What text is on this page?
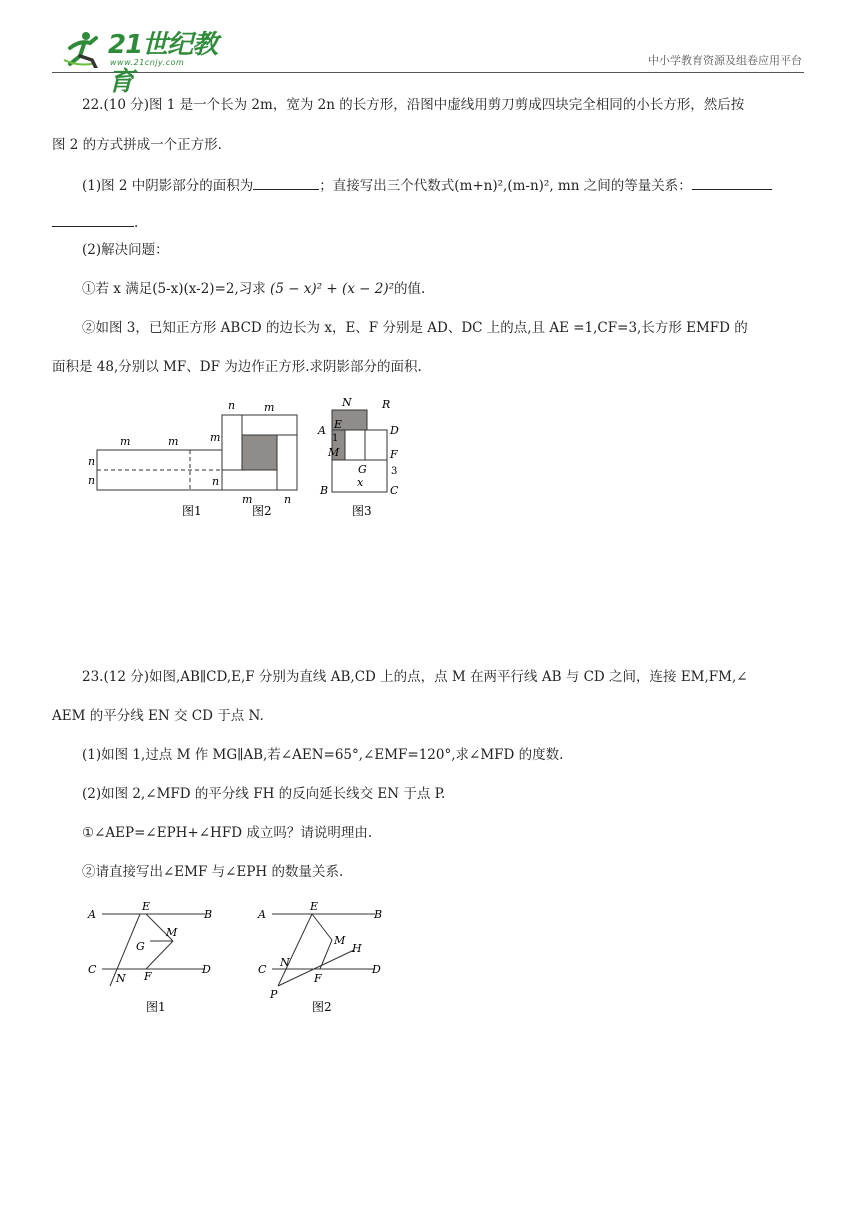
21世纪教育
www.21cnjy.com	中小学教育资源及组卷应用平台
22.(10 分)图 1 是一个长为 2m，宽为 2n 的长方形，沿图中虚线用剪刀剪成四块完全相同的小长方形，然后按
图 2 的方式拼成一个正方形.
(1)图 2 中阴影部分的面积为	；直接写出三个代数式(m+n)²,(m-n)², mn 之间的等量关系：
.
(2)解决问题：
①若 x 满足(5-x)(x-2)=2,习求 (5 − x)² + (x − 2)²的值.
②如图 3，已知正方形 ABCD 的边长为 x，E、F 分别是 AD、DC 上的点,且 AE =1,CF=3,长方形 EMFD 的
面积是 48,分别以 MF、DF 为边作正方形.求阴影部分的面积.
m	m
n
n
n	m
m
n
m	n
N	R
A E	D
1
M
G
F
3
B
x
C
图1	图2	图3
23.(12 分)如图,AB∥CD,E,F 分别为直线 AB,CD 上的点，点 M 在两平行线 AB 与 CD 之间，连接 EM,FM,∠
AEM 的平分线 EN 交 CD 于点 N.
(1)如图 1,过点 M 作 MG∥AB,若∠AEN=65°,∠EMF=120°,求∠MFD 的度数.
(2)如图 2,∠MFD 的平分线 FH 的反向延长线交 EN 于点 P.
①∠AEP=∠EPH+∠HFD 成立吗？请说明理由.
②请直接写出∠EMF 与∠EPH 的数量关系.
A
E
B
M
G
C
N F
D
A
E
B
M
H
C
N
F
D
P
图1	图2
